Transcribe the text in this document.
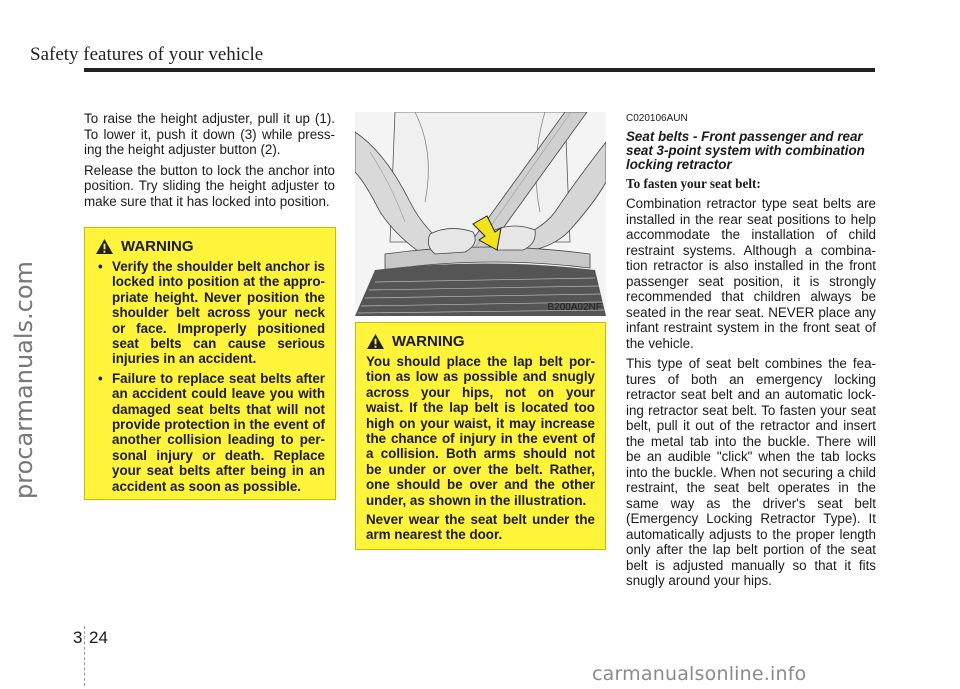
Safety features of your vehicle
procarmanuals.com

To raise the height adjuster, pull it up (1). To lower it, push it down (3) while press-ing the height adjuster button (2).

Release the button to lock the anchor into position. Try sliding the height adjuster to make sure that it has locked into position.

WARNING
• Verify the shoulder belt anchor is locked into position at the appro-priate height. Never position the shoulder belt across your neck or face. Improperly positioned seat belts can cause serious injuries in an accident.
• Failure to replace seat belts after an accident could leave you with damaged seat belts that will not provide protection in the event of another collision leading to per-sonal injury or death. Replace your seat belts after being in an accident as soon as possible.
B200A02NF
WARNING

You should place the lap belt por-tion as low as possible and snugly across your hips, not on your waist. If the lap belt is located too high on your waist, it may increase the chance of injury in the event of a collision. Both arms should not be under or over the belt. Rather, one should be over and the other under, as shown in the illustration.

Never wear the seat belt under the arm nearest the door.

C020106AUN
Seat belts - Front passenger and rear seat 3-point system with combination locking retractor
To fasten your seat belt:

Combination retractor type seat belts are installed in the rear seat positions to help accommodate the installation of child restraint systems. Although a combina-tion retractor is also installed in the front passenger seat position, it is strongly recommended that children always be seated in the rear seat. NEVER place any infant restraint system in the front seat of the vehicle.

This type of seat belt combines the fea-tures of both an emergency locking retractor seat belt and an automatic lock-ing retractor seat belt. To fasten your seat belt, pull it out of the retractor and insert the metal tab into the buckle. There will be an audible "click" when the tab locks into the buckle. When not securing a child restraint, the seat belt operates in the same way as the driver's seat belt (Emergency Locking Retractor Type). It automatically adjusts to the proper length only after the lap belt portion of the seat belt is adjusted manually so that it fits snugly around your hips.

3 24
carmanualsonline.info
